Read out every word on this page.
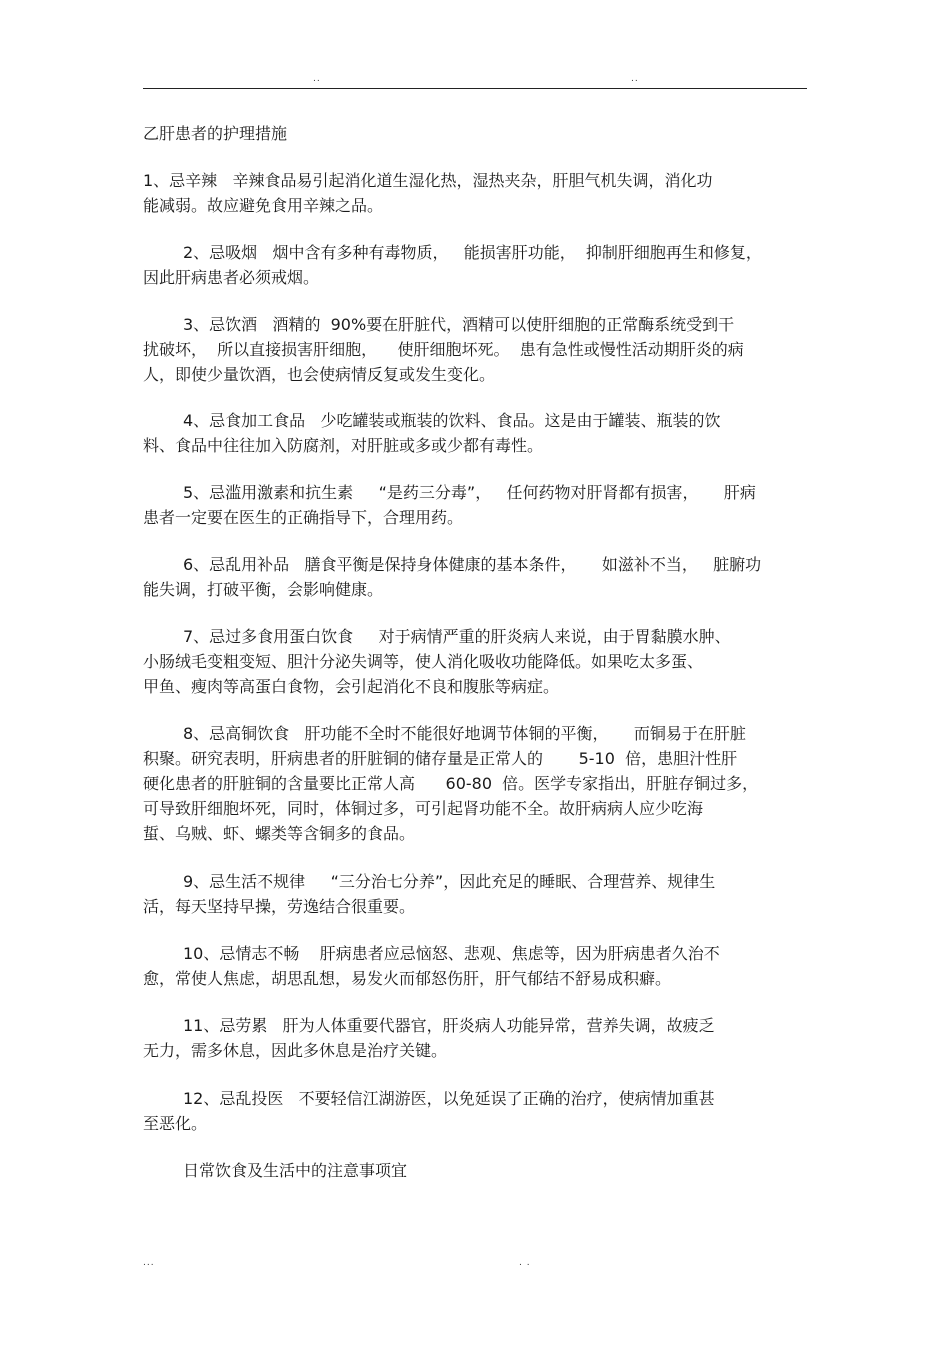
..	..
乙肝患者的护理措施
1、忌辛辣   辛辣食品易引起消化道生湿化热，湿热夹杂，肝胆气机失调，消化功
能减弱。故应避免食用辛辣之品。
2、忌吸烟   烟中含有多种有毒物质，   能损害肝功能，  抑制肝细胞再生和修复，
因此肝病患者必须戒烟。
3、忌饮酒   酒精的  90%要在肝脏代，酒精可以使肝细胞的正常酶系统受到干
扰破坏，  所以直接损害肝细胞，    使肝细胞坏死。  患有急性或慢性活动期肝炎的病
人，即使少量饮酒，也会使病情反复或发生变化。
4、忌食加工食品   少吃罐装或瓶装的饮料、食品。这是由于罐装、瓶装的饮
料、食品中往往加入防腐剂，对肝脏或多或少都有毒性。
5、忌滥用激素和抗生素     “是药三分毒”，   任何药物对肝肾都有损害，     肝病
患者一定要在医生的正确指导下，合理用药。
6、忌乱用补品   膳食平衡是保持身体健康的基本条件，     如滋补不当，   脏腑功
能失调，打破平衡，会影响健康。
7、忌过多食用蛋白饮食     对于病情严重的肝炎病人来说，由于胃黏膜水肿、
小肠绒毛变粗变短、胆汁分泌失调等，使人消化吸收功能降低。如果吃太多蛋、
甲鱼、瘦肉等高蛋白食物，会引起消化不良和腹胀等病症。
8、忌高铜饮食   肝功能不全时不能很好地调节体铜的平衡，     而铜易于在肝脏
积聚。研究表明，肝病患者的肝脏铜的储存量是正常人的       5-10  倍，患胆汁性肝
硬化患者的肝脏铜的含量要比正常人高      60-80  倍。医学专家指出，肝脏存铜过多，
可导致肝细胞坏死，同时，体铜过多，可引起肾功能不全。故肝病病人应少吃海
蜇、乌贼、虾、螺类等含铜多的食品。
9、忌生活不规律     “三分治七分养”，因此充足的睡眠、合理营养、规律生
活，每天坚持早操，劳逸结合很重要。
10、忌情志不畅    肝病患者应忌恼怒、悲观、焦虑等，因为肝病患者久治不
愈，常使人焦虑，胡思乱想，易发火而郁怒伤肝，肝气郁结不舒易成积癖。
11、忌劳累   肝为人体重要代器官，肝炎病人功能异常，营养失调，故疲乏
无力，需多休息，因此多休息是治疗关键。
12、忌乱投医   不要轻信江湖游医，以免延误了正确的治疗，使病情加重甚
至恶化。
日常饮食及生活中的注意事项宜
...	. .
